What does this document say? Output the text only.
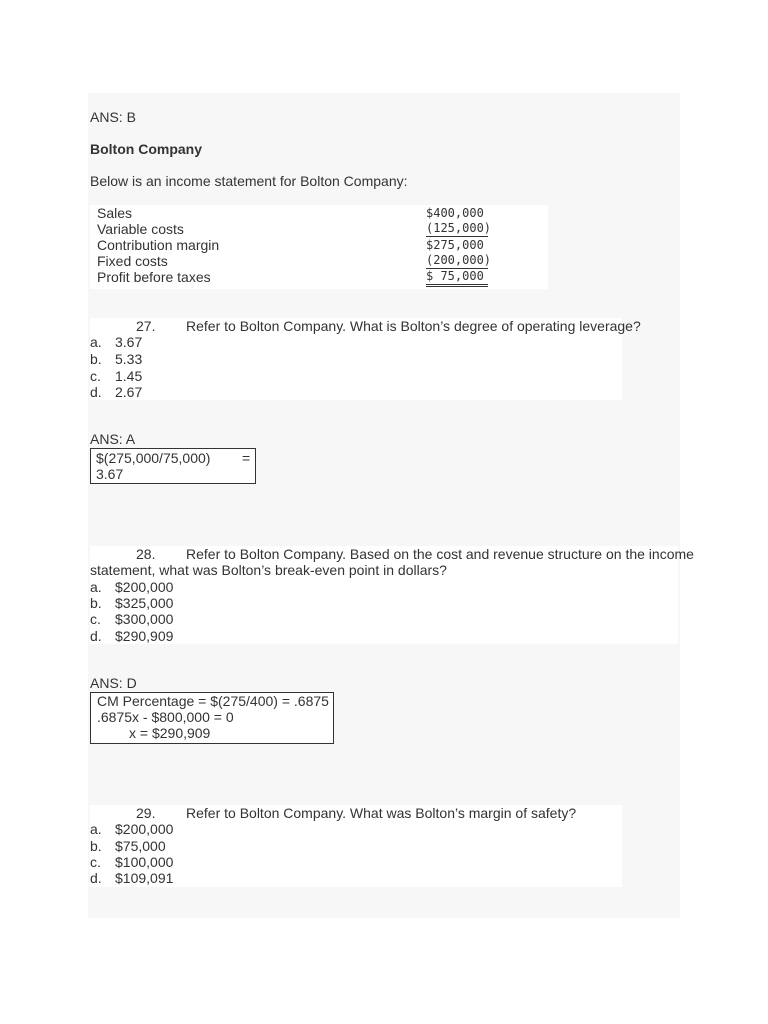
ANS: B
Bolton Company
Below is an income statement for Bolton Company:
Sales
Variable costs
Contribution margin
Fixed costs
Profit before taxes
$400,000
(125,000)
$275,000
(200,000)
$ 75,000
27. Refer to Bolton Company. What is Bolton’s degree of operating leverage?
a. 3.67
b. 5.33
c. 1.45
d. 2.67
ANS: A
$(275,000/75,000) =
3.67
28. Refer to Bolton Company. Based on the cost and revenue structure on the income
statement, what was Bolton’s break-even point in dollars?
a. $200,000
b. $325,000
c. $300,000
d. $290,909
ANS: D
CM Percentage = $(275/400) = .6875
.6875x - $800,000 = 0
x = $290,909
29. Refer to Bolton Company. What was Bolton’s margin of safety?
a. $200,000
b. $75,000
c. $100,000
d. $109,091
